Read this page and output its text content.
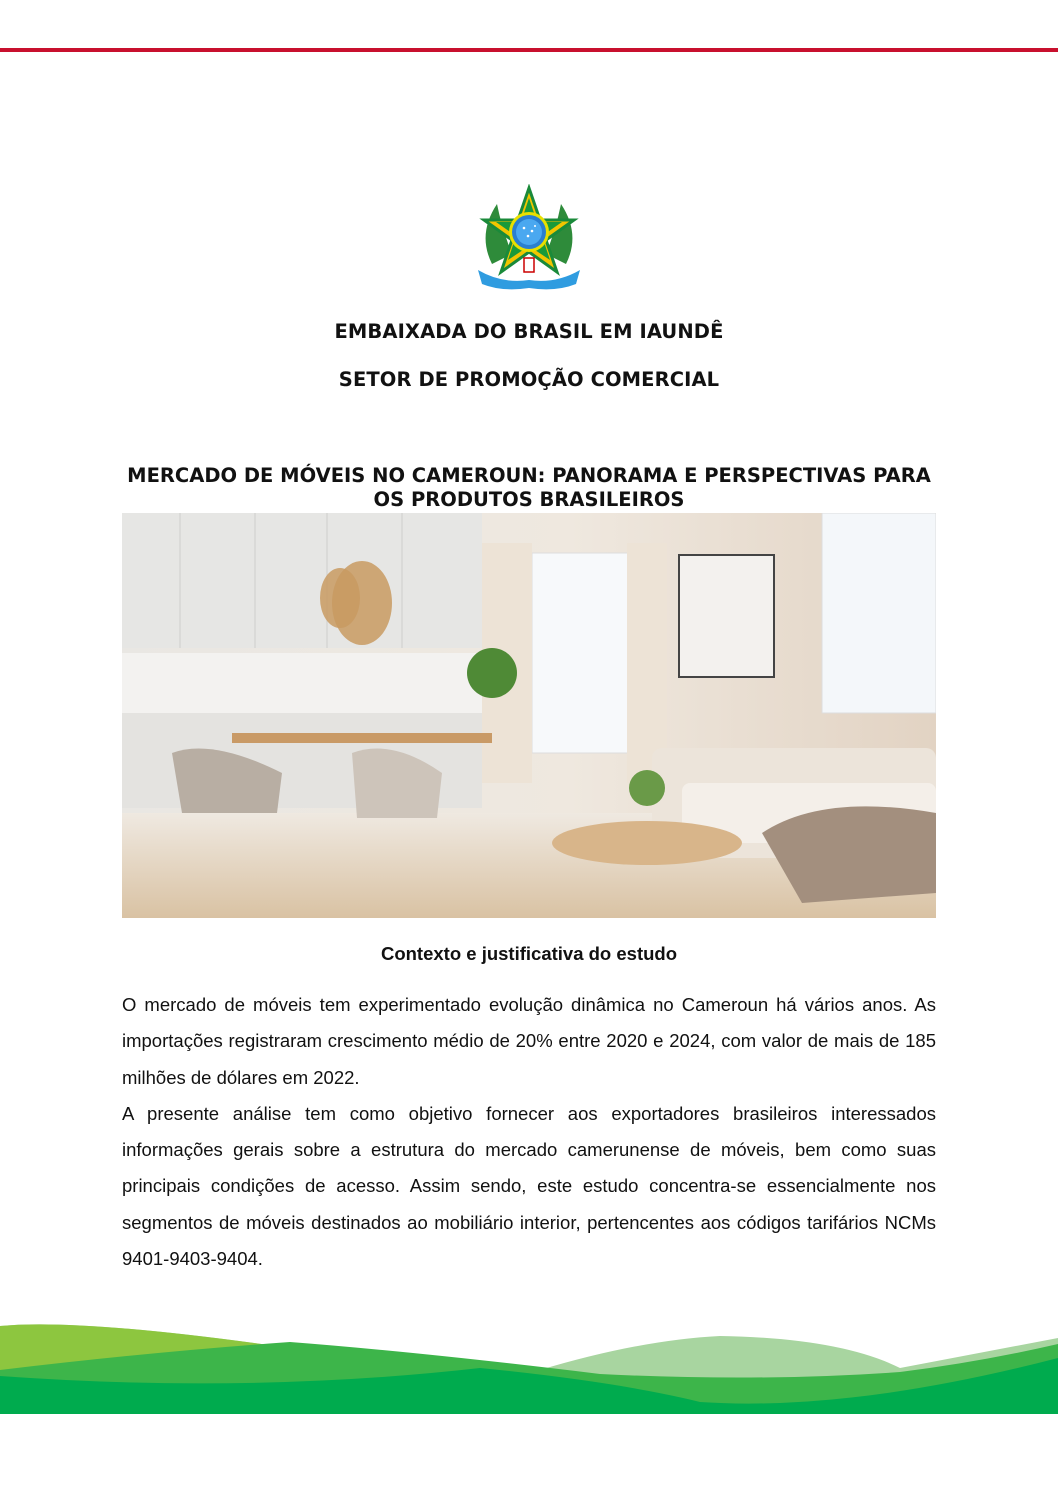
EMBAIXADA DO BRASIL EM IAUNDÊ
SETOR DE PROMOÇÃO COMERCIAL
MERCADO DE MÓVEIS NO CAMEROUN: PANORAMA E PERSPECTIVAS PARA OS PRODUTOS BRASILEIROS
Contexto e justificativa do estudo

O mercado de móveis tem experimentado evolução dinâmica no Cameroun há vários anos. As importações registraram crescimento médio de 20% entre 2020 e 2024, com valor de mais de 185 milhões de dólares em 2022.

A presente análise tem como objetivo fornecer aos exportadores brasileiros interessados informações gerais sobre a estrutura do mercado camerunense de móveis, bem como suas principais condições de acesso. Assim sendo, este estudo concentra-se essencialmente nos segmentos de móveis destinados ao mobiliário interior, pertencentes aos códigos tarifários NCMs 9401-9403-9404.
